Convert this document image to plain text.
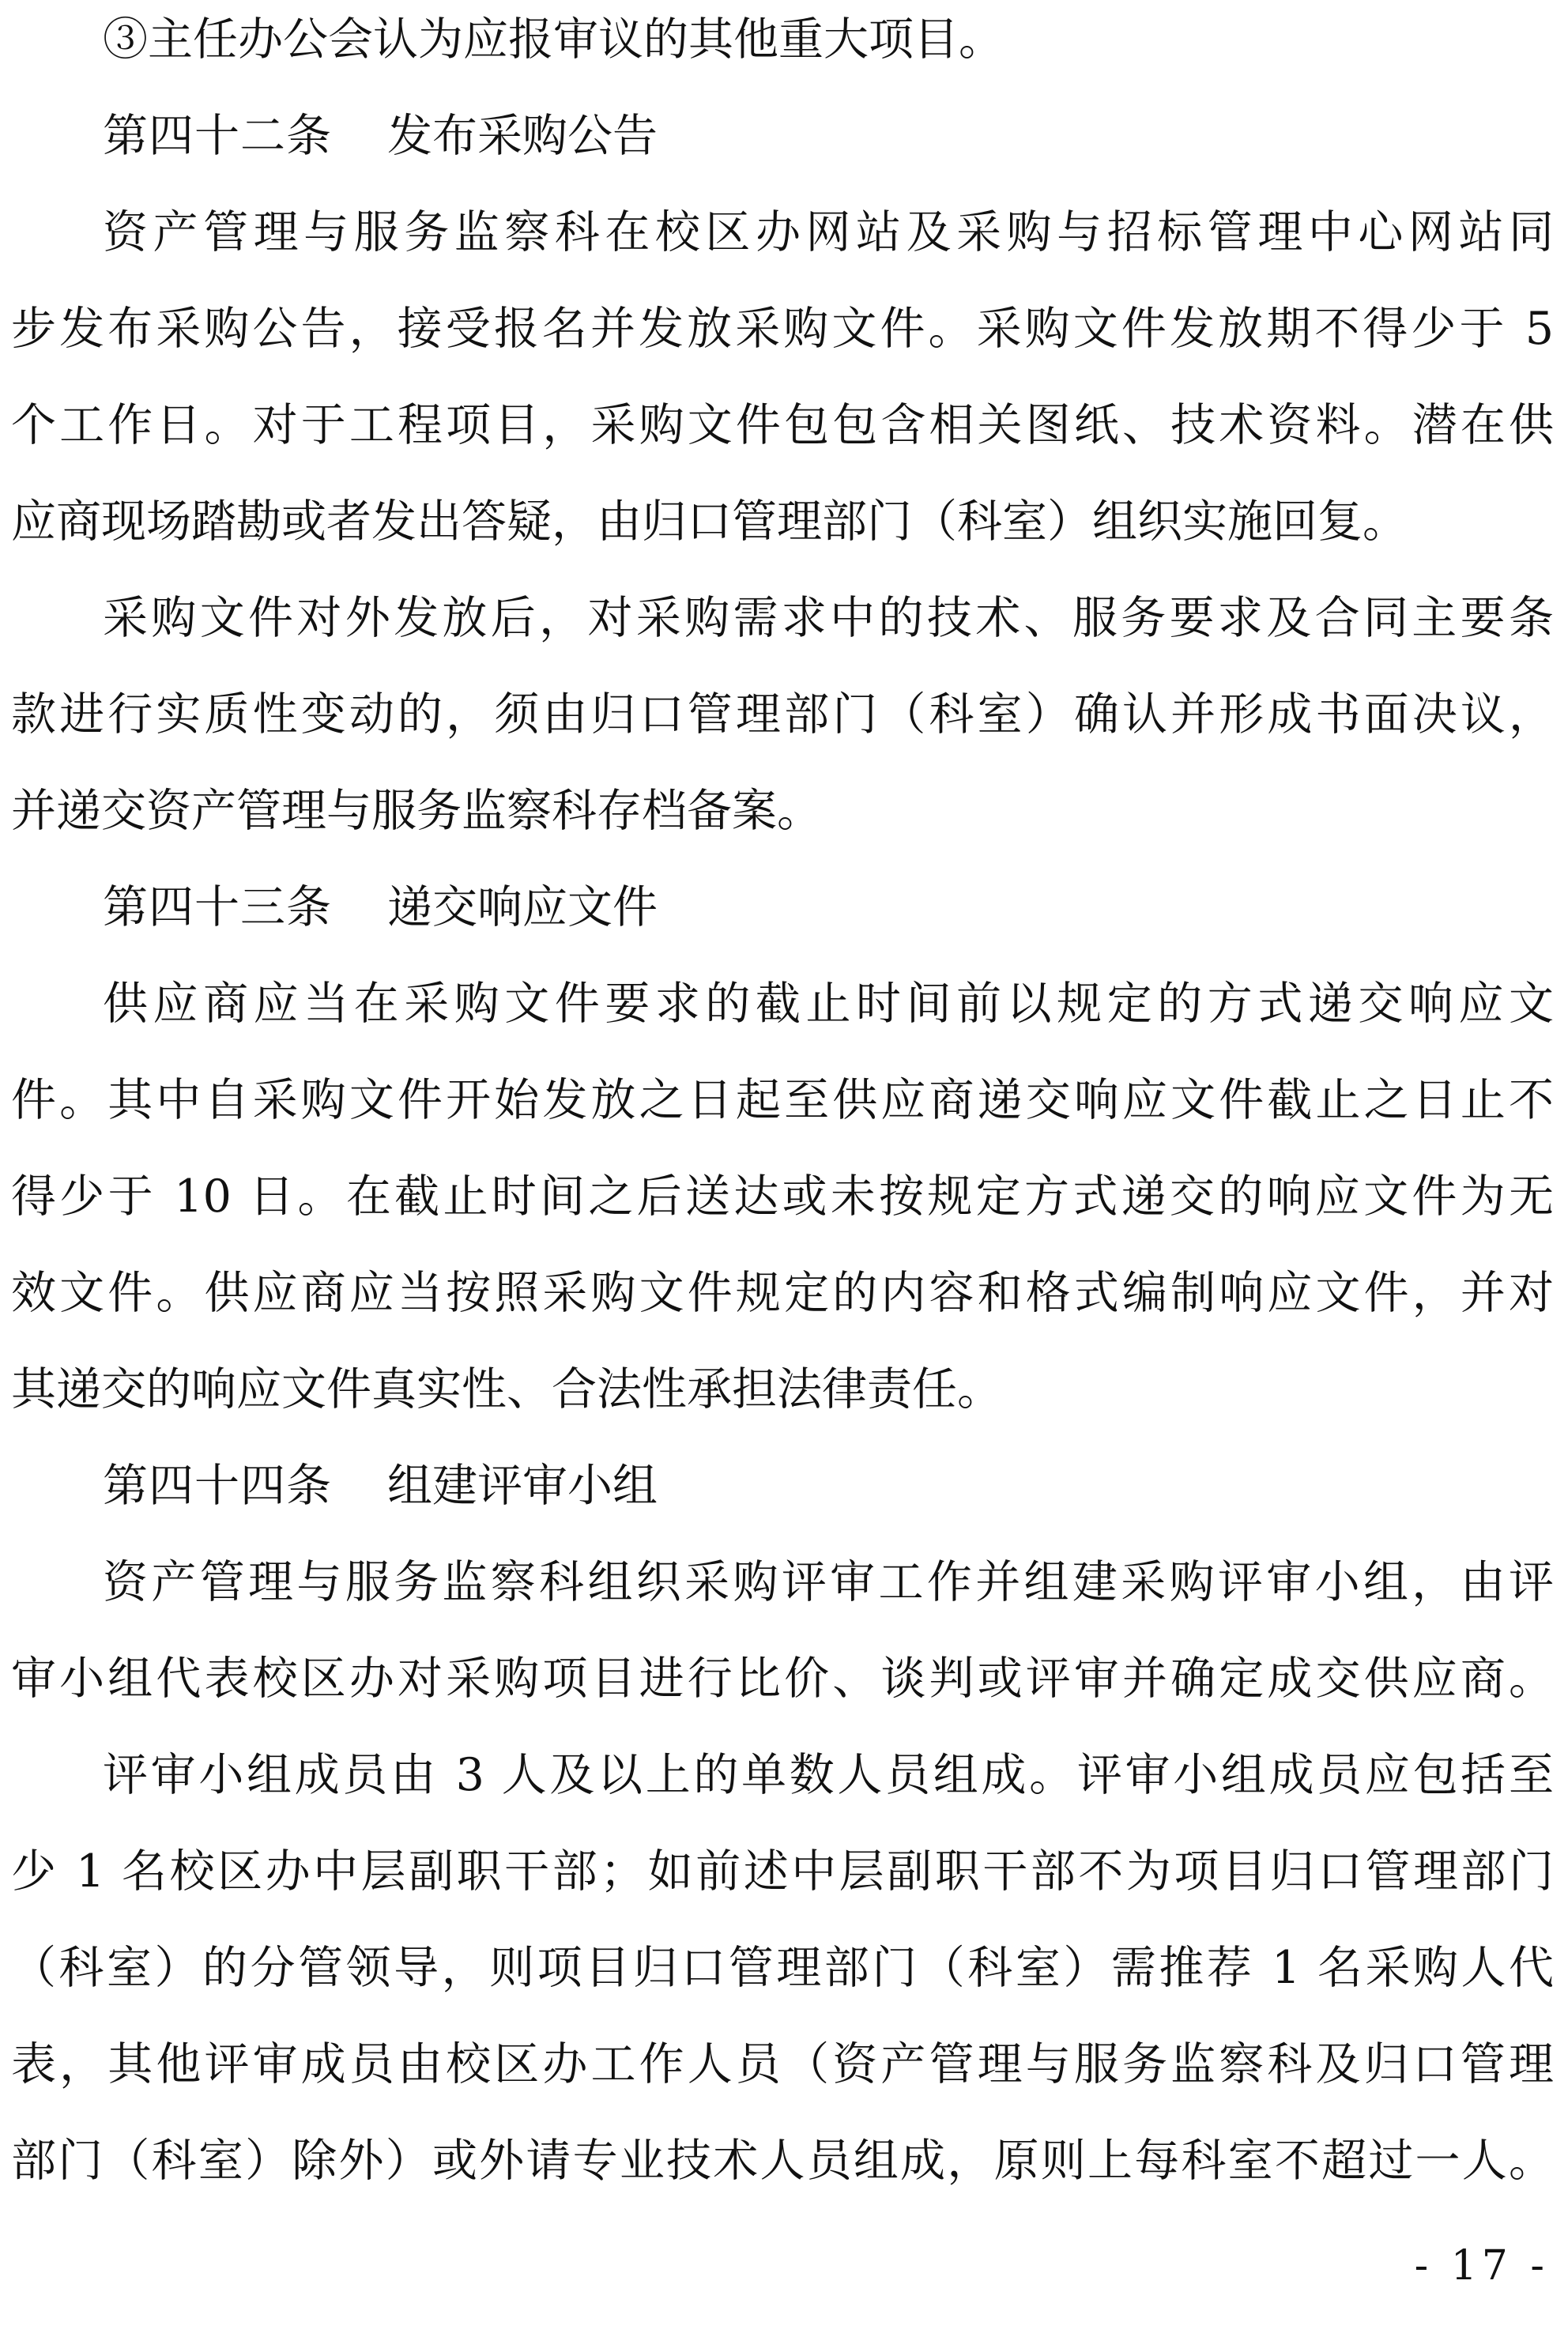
③主任办公会认为应报审议的其他重大项目。
第四十二条 发布采购公告
资产管理与服务监察科在校区办网站及采购与招标管理中心网站同
步发布采购公告，接受报名并发放采购文件。采购文件发放期不得少于 5
个工作日。对于工程项目，采购文件包包含相关图纸、技术资料。潜在供
应商现场踏勘或者发出答疑，由归口管理部门（科室）组织实施回复。
采购文件对外发放后，对采购需求中的技术、服务要求及合同主要条
款进行实质性变动的，须由归口管理部门（科室）确认并形成书面决议，
并递交资产管理与服务监察科存档备案。
第四十三条 递交响应文件
供应商应当在采购文件要求的截止时间前以规定的方式递交响应文
件。其中自采购文件开始发放之日起至供应商递交响应文件截止之日止不
得少于 10 日。在截止时间之后送达或未按规定方式递交的响应文件为无
效文件。供应商应当按照采购文件规定的内容和格式编制响应文件，并对
其递交的响应文件真实性、合法性承担法律责任。
第四十四条 组建评审小组
资产管理与服务监察科组织采购评审工作并组建采购评审小组，由评
审小组代表校区办对采购项目进行比价、谈判或评审并确定成交供应商。
评审小组成员由 3 人及以上的单数人员组成。评审小组成员应包括至
少 1 名校区办中层副职干部；如前述中层副职干部不为项目归口管理部门
（科室）的分管领导，则项目归口管理部门（科室）需推荐 1 名采购人代
表，其他评审成员由校区办工作人员（资产管理与服务监察科及归口管理
部门（科室）除外）或外请专业技术人员组成，原则上每科室不超过一人。
- 17 -
